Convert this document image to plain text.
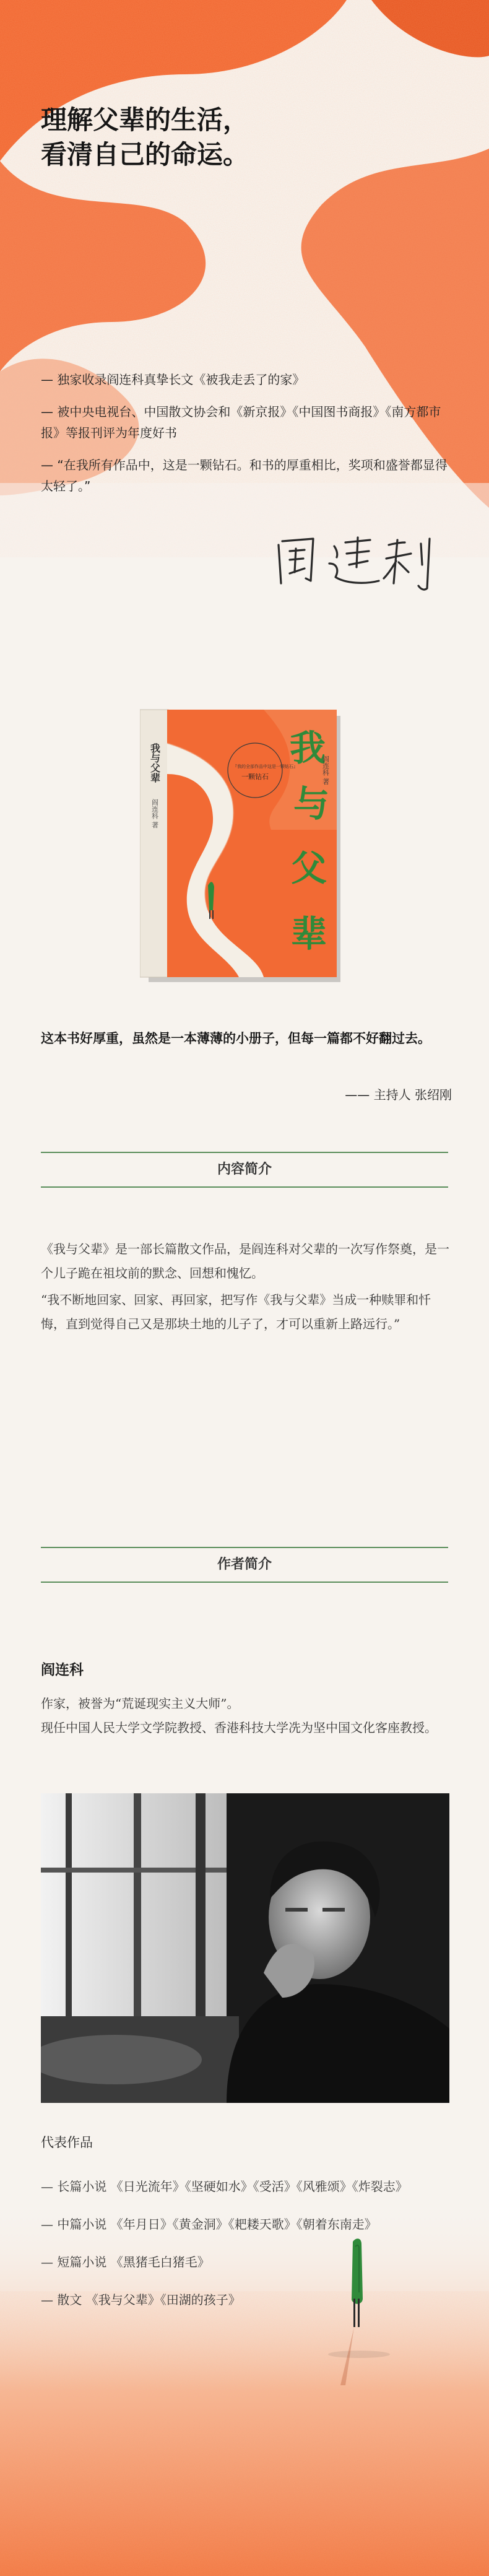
理解父辈的生活，
看清自己的命运。

— 独家收录阎连科真挚长文《被我走丢了的家》

— 被中央电视台、中国散文协会和《新京报》《中国图书商报》《南方都市报》等报刊评为年度好书

— “在我所有作品中，这是一颗钻石。和书的厚重相比，奖项和盛誉都显得太轻了。”

我
与
父
辈
我与父辈
阎连科 著
阎连科 著
『我的全部作品中这是一颗钻石』
一颗钻石
这本书好厚重，虽然是一本薄薄的小册子，但每一篇都不好翻过去。
—— 主持人 张绍刚
内容简介

《我与父辈》是一部长篇散文作品，是阎连科对父辈的一次写作祭奠，是一个儿子跪在祖坟前的默念、回想和愧忆。

“我不断地回家、回家、再回家，把写作《我与父辈》当成一种赎罪和忏悔，直到觉得自己又是那块土地的儿子了，才可以重新上路远行。”

作者简介
阎连科

作家，被誉为“荒诞现实主义大师”。

现任中国人民大学文学院教授、香港科技大学冼为坚中国文化客座教授。

代表作品
— 长篇小说 《日光流年》《坚硬如水》《受活》《风雅颂》《炸裂志》
— 中篇小说 《年月日》《黄金洞》《耙耧天歌》《朝着东南走》
— 短篇小说 《黑猪毛白猪毛》
— 散文 《我与父辈》《田湖的孩子》
